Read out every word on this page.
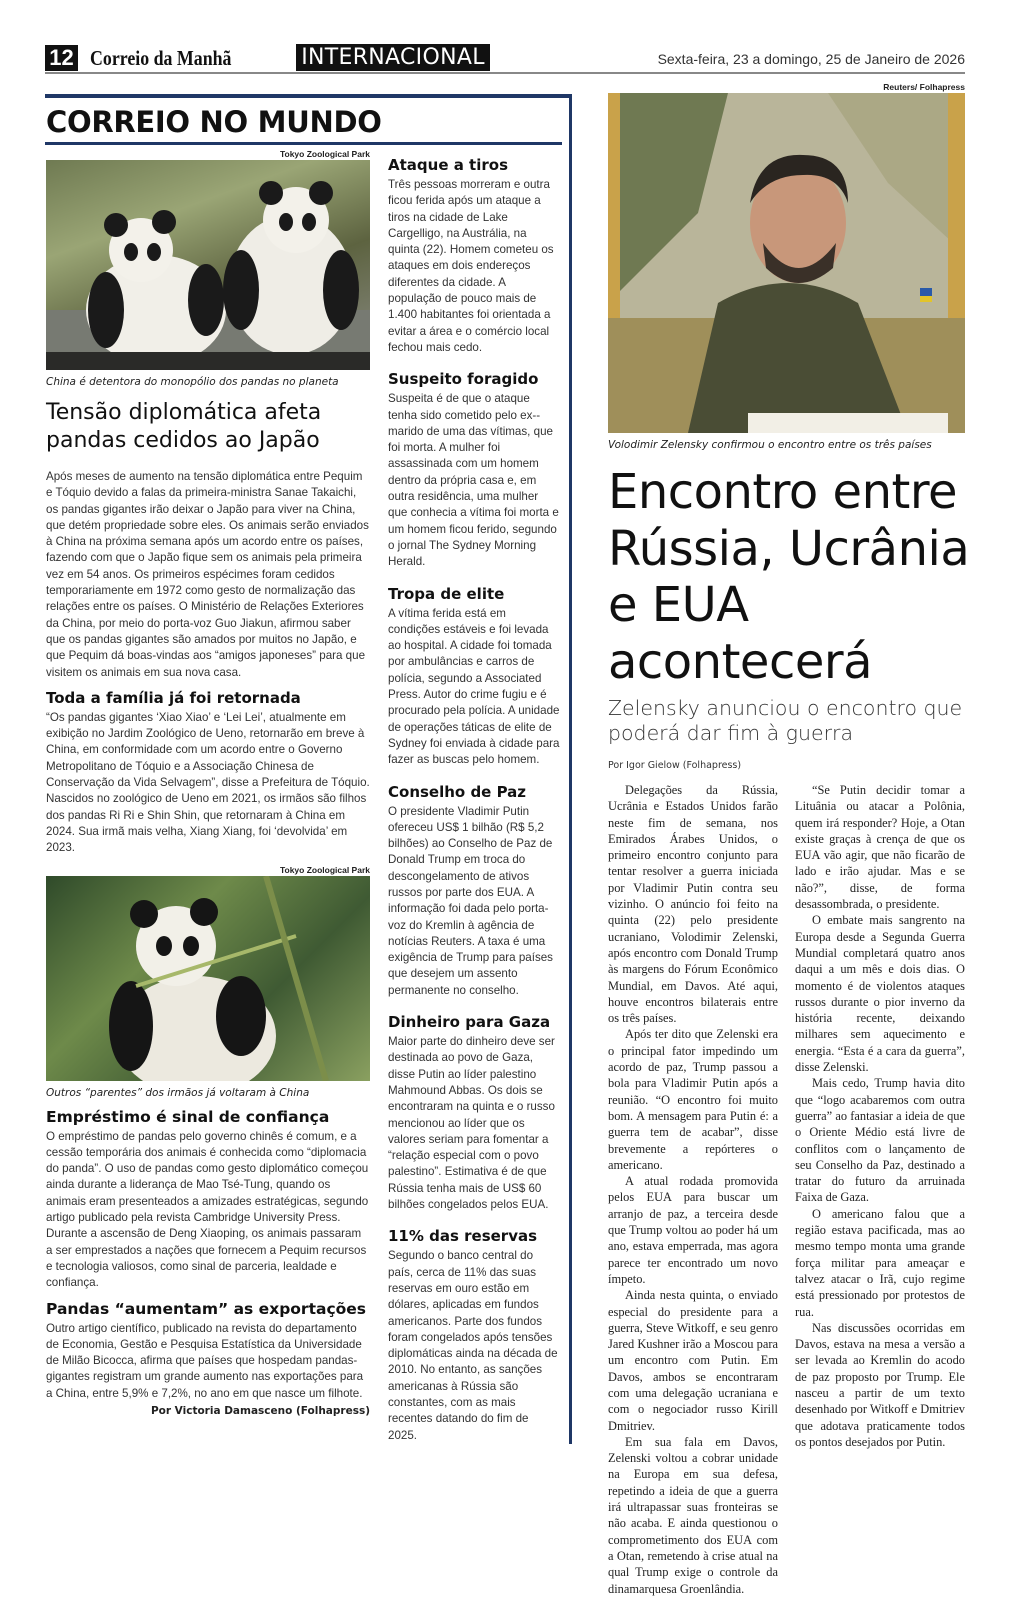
12 Correio da Manhã	INTERNACIONAL	Sexta-feira, 23 a domingo, 25 de Janeiro de 2026
CORREIO NO MUNDO
Tokyo Zoological Park
China é detentora do monopólio dos pandas no planeta
Tensão diplomática afeta pandas cedidos ao Japão
Após meses de aumento na tensão diplomática entre Pequim e Tóquio devido a falas da primeira-ministra Sanae Takaichi, os pandas gigantes irão deixar o Japão para viver na China, que detém propriedade sobre eles. Os animais serão enviados à China na próxima semana após um acordo entre os países, fazendo com que o Japão fique sem os animais pela primeira vez em 54 anos. Os primeiros espécimes foram cedidos temporariamente em 1972 como gesto de normalização das relações entre os países. O Ministério de Relações Exteriores da China, por meio do porta-voz Guo Jiakun, afirmou saber que os pandas gigantes são amados por muitos no Japão, e que Pequim dá boas-vindas aos “amigos japoneses” para que visitem os animais em sua nova casa.
Toda a família já foi retornada
“Os pandas gigantes ‘Xiao Xiao’ e ‘Lei Lei’, atualmente em exibição no Jardim Zoológico de Ueno, retornarão em breve à China, em conformidade com um acordo entre o Governo Metropolitano de Tóquio e a Associação Chinesa de Conservação da Vida Selvagem”, disse a Prefeitura de Tóquio. Nascidos no zoológico de Ueno em 2021, os irmãos são filhos dos pandas Ri Ri e Shin Shin, que retornaram à China em 2024. Sua irmã mais velha, Xiang Xiang, foi ‘devolvida’ em 2023.
Tokyo Zoological Park
Outros “parentes” dos irmãos já voltaram à China
Empréstimo é sinal de confiança
O empréstimo de pandas pelo governo chinês é comum, e a cessão temporária dos animais é conhecida como “diplomacia do panda”. O uso de pandas como gesto diplomático começou ainda durante a liderança de Mao Tsé-Tung, quando os animais eram presenteados a amizades estratégicas, segundo artigo publicado pela revista Cambridge University Press. Durante a ascensão de Deng Xiaoping, os animais passaram a ser emprestados a nações que fornecem a Pequim recursos e tecnologia valiosos, como sinal de parceria, lealdade e confiança.
Pandas “aumentam” as exportações
Outro artigo científico, publicado na revista do departamento de Economia, Gestão e Pesquisa Estatística da Universidade de Milão Bicocca, afirma que países que hospedam pandas-gigantes registram um grande aumento nas exportações para a China, entre 5,9% e 7,2%, no ano em que nasce um filhote.
Por Victoria Damasceno (Folhapress)
Ataque a tiros

Três pessoas morreram e outra ficou ferida após um ataque a tiros na cidade de Lake Cargelligo, na Austrália, na quinta (22). Homem cometeu os ataques em dois endereços diferentes da cidade. A população de pouco mais de 1.400 habitantes foi orientada a evitar a área e o comércio local fechou mais cedo.

Suspeito foragido

Suspeita é de que o ataque tenha sido cometido pelo ex--marido de uma das vítimas, que foi morta. A mulher foi assassinada com um homem dentro da própria casa e, em outra residência, uma mulher que conhecia a vítima foi morta e um homem ficou ferido, segundo o jornal The Sydney Morning Herald.

Tropa de elite

A vítima ferida está em condições estáveis e foi levada ao hospital. A cidade foi tomada por ambulâncias e carros de polícia, segundo a Associated Press. Autor do crime fugiu e é procurado pela polícia. A unidade de operações táticas de elite de Sydney foi enviada à cidade para fazer as buscas pelo homem.

Conselho de Paz

O presidente Vladimir Putin ofereceu US$ 1 bilhão (R$ 5,2 bilhões) ao Conselho de Paz de Donald Trump em troca do descongelamento de ativos russos por parte dos EUA. A informação foi dada pelo porta-voz do Kremlin à agência de notícias Reuters. A taxa é uma exigência de Trump para países que desejem um assento permanente no conselho.

Dinheiro para Gaza

Maior parte do dinheiro deve ser destinada ao povo de Gaza, disse Putin ao líder palestino Mahmound Abbas. Os dois se encontraram na quinta e o russo mencionou ao líder que os valores seriam para fomentar a “relação especial com o povo palestino”. Estimativa é de que Rússia tenha mais de US$ 60 bilhões congelados pelos EUA.

11% das reservas

Segundo o banco central do país, cerca de 11% das suas reservas em ouro estão em dólares, aplicadas em fundos americanos. Parte dos fundos foram congelados após tensões diplomáticas ainda na década de 2010. No entanto, as sanções americanas à Rússia são constantes, com as mais recentes datando do fim de 2025.

Reuters/ Folhapress
Volodimir Zelensky confirmou o encontro entre os três países
Encontro entre Rússia, Ucrânia e EUA acontecerá
Zelensky anunciou o encontro que poderá dar fim à guerra
Por Igor Gielow (Folhapress)

Delegações da Rússia, Ucrânia e Estados Unidos farão neste fim de semana, nos Emirados Árabes Unidos, o primeiro encontro conjunto para tentar resolver a guerra iniciada por Vladimir Putin contra seu vizinho. O anúncio foi feito na quinta (22) pelo presidente ucraniano, Volodimir Zelenski, após encontro com Donald Trump às margens do Fórum Econômico Mundial, em Davos. Até aqui, houve encontros bilaterais entre os três países.

Após ter dito que Zelenski era o principal fator impedindo um acordo de paz, Trump passou a bola para Vladimir Putin após a reunião. “O encontro foi muito bom. A mensagem para Putin é: a guerra tem de acabar”, disse brevemente a repórteres o americano.

A atual rodada promovida pelos EUA para buscar um arranjo de paz, a terceira desde que Trump voltou ao poder há um ano, estava emperrada, mas agora parece ter encontrado um novo ímpeto.

Ainda nesta quinta, o enviado especial do presidente para a guerra, Steve Witkoff, e seu genro Jared Kushner irão a Moscou para um encontro com Putin. Em Davos, ambos se encontraram com uma delegação ucraniana e com o negociador russo Kirill Dmitriev.

Em sua fala em Davos, Zelenski voltou a cobrar unidade na Europa em sua defesa, repetindo a ideia de que a guerra irá ultrapassar suas fronteiras se não acaba. E ainda questionou o comprometimento dos EUA com a Otan, remetendo à crise atual na qual Trump exige o controle da dinamarquesa Groenlândia.

“Se Putin decidir tomar a Lituânia ou atacar a Polônia, quem irá responder? Hoje, a Otan existe graças à crença de que os EUA vão agir, que não ficarão de lado e irão ajudar. Mas e se não?”, disse, de forma desassombrada, o presidente.

O embate mais sangrento na Europa desde a Segunda Guerra Mundial completará quatro anos daqui a um mês e dois dias. O momento é de violentos ataques russos durante o pior inverno da história recente, deixando milhares sem aquecimento e energia. “Esta é a cara da guerra”, disse Zelenski.

Mais cedo, Trump havia dito que “logo acabaremos com outra guerra” ao fantasiar a ideia de que o Oriente Médio está livre de conflitos com o lançamento de seu Conselho da Paz, destinado a tratar do futuro da arruinada Faixa de Gaza.

O americano falou que a região estava pacificada, mas ao mesmo tempo monta uma grande força militar para ameaçar e talvez atacar o Irã, cujo regime está pressionado por protestos de rua.

Nas discussões ocorridas em Davos, estava na mesa a versão a ser levada ao Kremlin do acodo de paz proposto por Trump. Ele nasceu a partir de um texto desenhado por Witkoff e Dmitriev que adotava praticamente todos os pontos desejados por Putin.
